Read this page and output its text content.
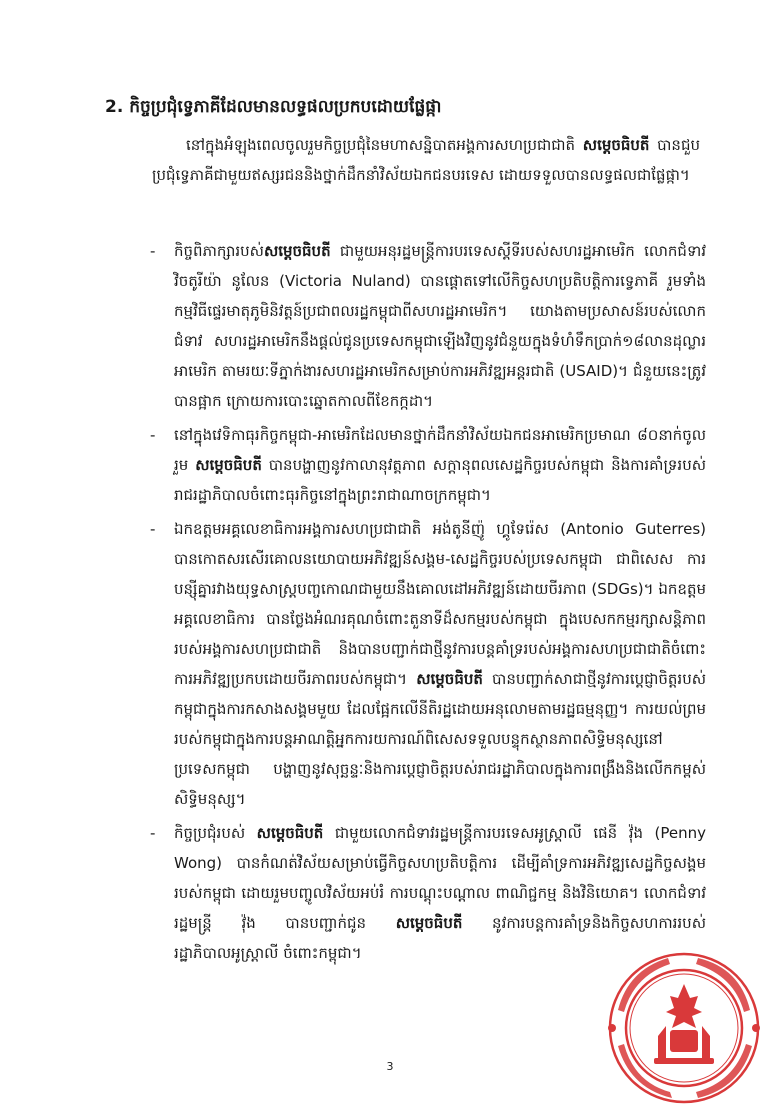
2. កិច្ចប្រជុំទ្វេភាគីដែលមានលទ្ធផលប្រកបដោយផ្លែផ្កា

នៅក្នុងអំឡុងពេលចូលរួមកិច្ចប្រជុំនៃមហាសន្និបាតអង្គការសហប្រជាជាតិ សម្ដេចធិបតី បានជួបប្រជុំទ្វេភាគីជាមួយឥស្សរជននិងថ្នាក់ដឹកនាំវិស័យឯកជនបរទេស ដោយទទួលបានលទ្ធផលជាផ្លែផ្កា។

- កិច្ចពិភាក្សារបស់សម្ដេចធិបតី ជាមួយអនុរដ្ឋមន្ត្រីការបរទេសស្ដីទីរបស់សហរដ្ឋអាមេរិក លោកជំទាវ វិចតូរីយ៉ា នូលែន (Victoria Nuland) បានផ្ដោតទៅលើកិច្ចសហប្រតិបត្តិការទ្វេភាគី រួមទាំងកម្មវិធីផ្ទេរមាតុភូមិនិវត្តន៍ប្រជាពលរដ្ឋកម្ពុជាពីសហរដ្ឋអាមេរិក។ យោងតាមប្រសាសន៍របស់លោកជំទាវ សហរដ្ឋអាមេរិកនឹងផ្ដល់ជូនប្រទេសកម្ពុជាឡើងវិញនូវជំនួយក្នុងទំហំទឹកប្រាក់១៨លានដុល្លារអាមេរិក តាមរយៈទីភ្នាក់ងារសហរដ្ឋអាមេរិកសម្រាប់ការអភិវឌ្ឍអន្តរជាតិ (USAID)។ ជំនួយនេះត្រូវបានផ្អាក ក្រោយការបោះឆ្នោតកាលពីខែកក្កដា។
- នៅក្នុងវេទិកាធុរកិច្ចកម្ពុជា-អាមេរិកដែលមានថ្នាក់ដឹកនាំវិស័យឯកជនអាមេរិកប្រមាណ ៨០នាក់ចូលរួម សម្ដេចធិបតី បានបង្ហាញនូវកាលានុវត្តភាព សក្ដានុពលសេដ្ឋកិច្ចរបស់កម្ពុជា និងការគាំទ្ររបស់រាជរដ្ឋាភិបាលចំពោះធុរកិច្ចនៅក្នុងព្រះរាជាណាចក្រកម្ពុជា។
- ឯកឧត្តមអគ្គលេខាធិការអង្គការសហប្រជាជាតិ អង់តូនីញ៉ូ ហ្គូទែរ៉េស (Antonio Guterres) បានកោតសរសើរគោលនយោបាយអភិវឌ្ឍន៍សង្គម-សេដ្ឋកិច្ចរបស់ប្រទេសកម្ពុជា ជាពិសេស ការបន្សុីគ្នារវាងយុទ្ធសាស្ត្របញ្ចកោណជាមួយនឹងគោលដៅអភិវឌ្ឍន៍ដោយចីរភាព (SDGs)។ ឯកឧត្តមអគ្គលេខាធិការ បានថ្លែងអំណរគុណចំពោះតួនាទីដ៏សកម្មរបស់កម្ពុជា ក្នុងបេសកកម្មរក្សាសន្តិភាពរបស់អង្គការសហប្រជាជាតិ និងបានបញ្ជាក់ជាថ្មីនូវការបន្តគាំទ្ររបស់អង្គការសហប្រជាជាតិចំពោះការអភិវឌ្ឍប្រកបដោយចីរភាពរបស់កម្ពុជា។ សម្ដេចធិបតី បានបញ្ជាក់សាជាថ្មីនូវការប្ដេជ្ញាចិត្តរបស់កម្ពុជាក្នុងការកសាងសង្គមមួយ ដែលផ្អែកលើនីតិរដ្ឋដោយអនុលោមតាមរដ្ឋធម្មនុញ្ញ។ ការយល់ព្រមរបស់កម្ពុជាក្នុងការបន្តអាណត្តិអ្នកការយការណ៍ពិសេសទទួលបន្ទុកស្ថានភាពសិទ្ធិមនុស្សនៅប្រទេសកម្ពុជា បង្ហាញនូវសុច្ឆន្ទៈនិងការប្ដេជ្ញាចិត្តរបស់រាជរដ្ឋាភិបាលក្នុងការពង្រឹងនិងលើកកម្ពស់សិទ្ធិមនុស្ស។
- កិច្ចប្រជុំរបស់ សម្ដេចធិបតី ជាមួយលោកជំទាវរដ្ឋមន្ត្រីការបរទេសអូស្ត្រាលី ផេនី វ៉ុង (Penny Wong) បានកំណត់វិស័យសម្រាប់ធ្វើកិច្ចសហប្រតិបត្តិការ ដើម្បីគាំទ្រការអភិវឌ្ឍសេដ្ឋកិច្ចសង្គមរបស់កម្ពុជា ដោយរួមបញ្ចូលវិស័យអប់រំ ការបណ្ដុះបណ្ដាល ពាណិជ្ជកម្ម និងវិនិយោគ។ លោកជំទាវរដ្ឋមន្ត្រី វ៉ុង បានបញ្ជាក់ជូន សម្ដេចធិបតី នូវការបន្តការគាំទ្រនិងកិច្ចសហការរបស់រដ្ឋាភិបាលអូស្ត្រាលី ចំពោះកម្ពុជា។
3
